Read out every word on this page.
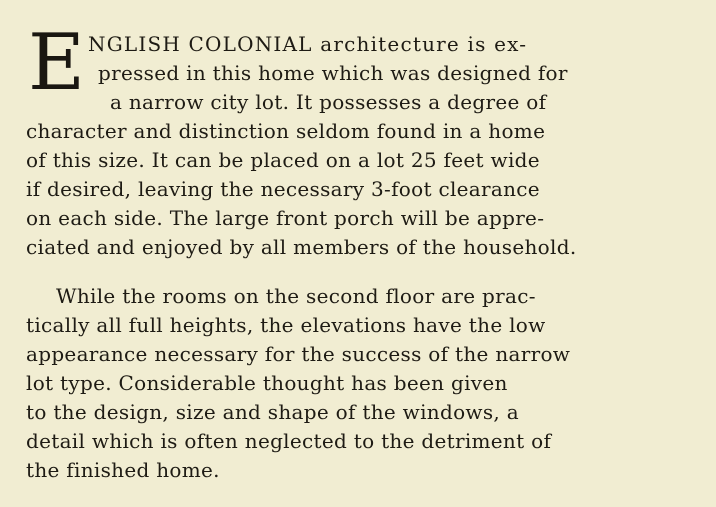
E NGLISH COLONIAL architecture is ex-
pressed in this home which was designed for
a narrow city lot. It possesses a degree of
character and distinction seldom found in a home
of this size. It can be placed on a lot 25 feet wide
if desired, leaving the necessary 3-foot clearance
on each side. The large front porch will be appre-
ciated and enjoyed by all members of the household.
While the rooms on the second floor are prac-
tically all full heights, the elevations have the low
appearance necessary for the success of the narrow
lot type. Considerable thought has been given
to the design, size and shape of the windows, a
detail which is often neglected to the detriment of
the finished home.
